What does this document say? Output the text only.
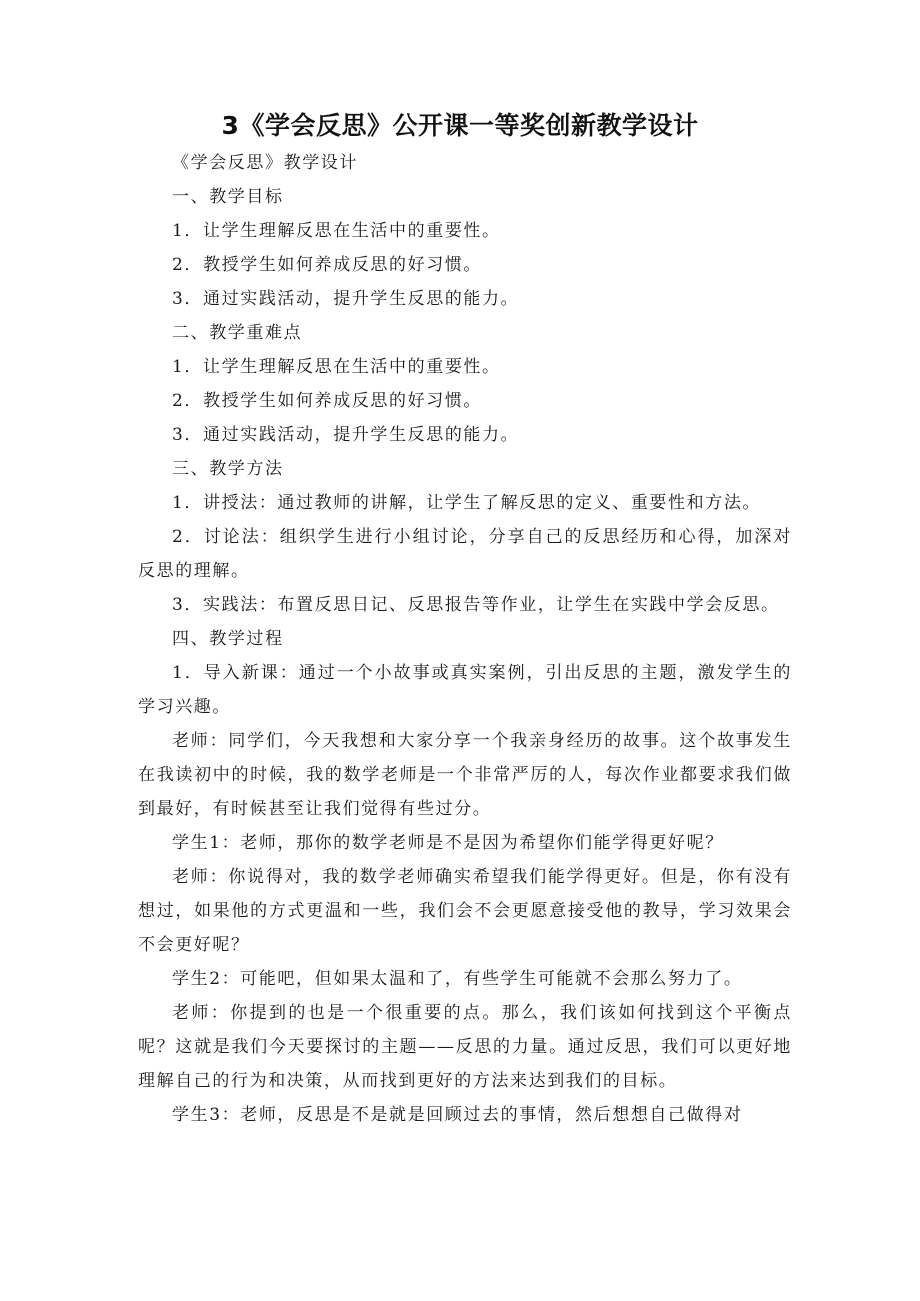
3《学会反思》公开课一等奖创新教学设计

《学会反思》教学设计

一、教学目标

1．让学生理解反思在生活中的重要性。

2．教授学生如何养成反思的好习惯。

3．通过实践活动，提升学生反思的能力。

二、教学重难点

1．让学生理解反思在生活中的重要性。

2．教授学生如何养成反思的好习惯。

3．通过实践活动，提升学生反思的能力。

三、教学方法

1．讲授法：通过教师的讲解，让学生了解反思的定义、重要性和方法。

2．讨论法：组织学生进行小组讨论，分享自己的反思经历和心得，加深对反思的理解。

3．实践法：布置反思日记、反思报告等作业，让学生在实践中学会反思。

四、教学过程

1．导入新课：通过一个小故事或真实案例，引出反思的主题，激发学生的学习兴趣。

老师：同学们，今天我想和大家分享一个我亲身经历的故事。这个故事发生在我读初中的时候，我的数学老师是一个非常严厉的人，每次作业都要求我们做到最好，有时候甚至让我们觉得有些过分。

学生1：老师，那你的数学老师是不是因为希望你们能学得更好呢？

老师：你说得对，我的数学老师确实希望我们能学得更好。但是，你有没有想过，如果他的方式更温和一些，我们会不会更愿意接受他的教导，学习效果会不会更好呢？

学生2：可能吧，但如果太温和了，有些学生可能就不会那么努力了。

老师：你提到的也是一个很重要的点。那么，我们该如何找到这个平衡点呢？这就是我们今天要探讨的主题——反思的力量。通过反思，我们可以更好地理解自己的行为和决策，从而找到更好的方法来达到我们的目标。

学生3：老师，反思是不是就是回顾过去的事情，然后想想自己做得对
